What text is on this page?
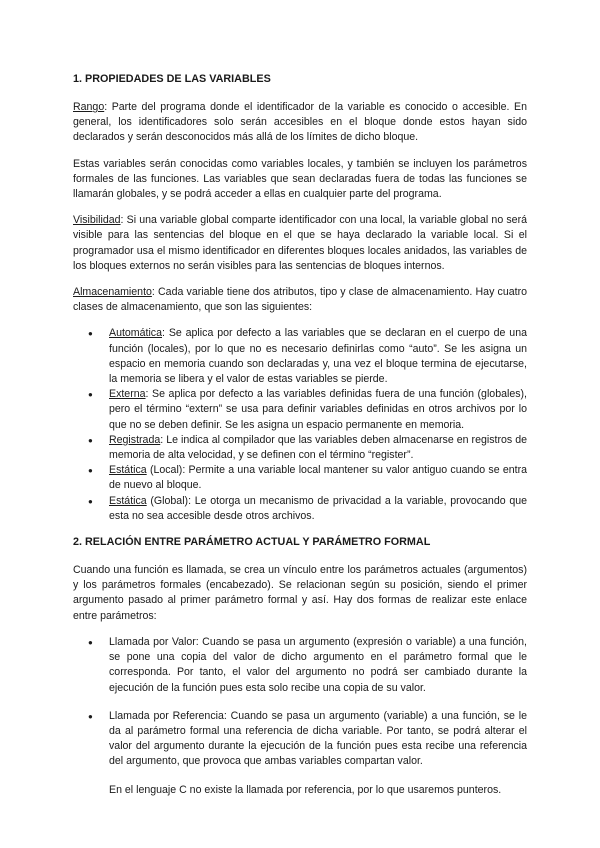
1. PROPIEDADES DE LAS VARIABLES

Rango: Parte del programa donde el identificador de la variable es conocido o accesible. En general, los identificadores solo serán accesibles en el bloque donde estos hayan sido declarados y serán desconocidos más allá de los límites de dicho bloque.

Estas variables serán conocidas como variables locales, y también se incluyen los parámetros formales de las funciones. Las variables que sean declaradas fuera de todas las funciones se llamarán globales, y se podrá acceder a ellas en cualquier parte del programa.

Visibilidad: Si una variable global comparte identificador con una local, la variable global no será visible para las sentencias del bloque en el que se haya declarado la variable local. Si el programador usa el mismo identificador en diferentes bloques locales anidados, las variables de los bloques externos no serán visibles para las sentencias de bloques internos.

Almacenamiento: Cada variable tiene dos atributos, tipo y clase de almacenamiento. Hay cuatro clases de almacenamiento, que son las siguientes:

● Automática: Se aplica por defecto a las variables que se declaran en el cuerpo de una función (locales), por lo que no es necesario definirlas como “auto”. Se les asigna un espacio en memoria cuando son declaradas y, una vez el bloque termina de ejecutarse, la memoria se libera y el valor de estas variables se pierde.
● Externa: Se aplica por defecto a las variables definidas fuera de una función (globales), pero el término “extern” se usa para definir variables definidas en otros archivos por lo que no se deben definir. Se les asigna un espacio permanente en memoria.
● Registrada: Le indica al compilador que las variables deben almacenarse en registros de memoria de alta velocidad, y se definen con el término “register”.
● Estática (Local): Permite a una variable local mantener su valor antiguo cuando se entra de nuevo al bloque.
● Estática (Global): Le otorga un mecanismo de privacidad a la variable, provocando que esta no sea accesible desde otros archivos.
2. RELACIÓN ENTRE PARÁMETRO ACTUAL Y PARÁMETRO FORMAL

Cuando una función es llamada, se crea un vínculo entre los parámetros actuales (argumentos) y los parámetros formales (encabezado). Se relacionan según su posición, siendo el primer argumento pasado al primer parámetro formal y así. Hay dos formas de realizar este enlace entre parámetros:

● Llamada por Valor: Cuando se pasa un argumento (expresión o variable) a una función, se pone una copia del valor de dicho argumento en el parámetro formal que le corresponda. Por tanto, el valor del argumento no podrá ser cambiado durante la ejecución de la función pues esta solo recibe una copia de su valor.
● Llamada por Referencia: Cuando se pasa un argumento (variable) a una función, se le da al parámetro formal una referencia de dicha variable. Por tanto, se podrá alterar el valor del argumento durante la ejecución de la función pues esta recibe una referencia del argumento, que provoca que ambas variables compartan valor.

En el lenguaje C no existe la llamada por referencia, por lo que usaremos punteros.
